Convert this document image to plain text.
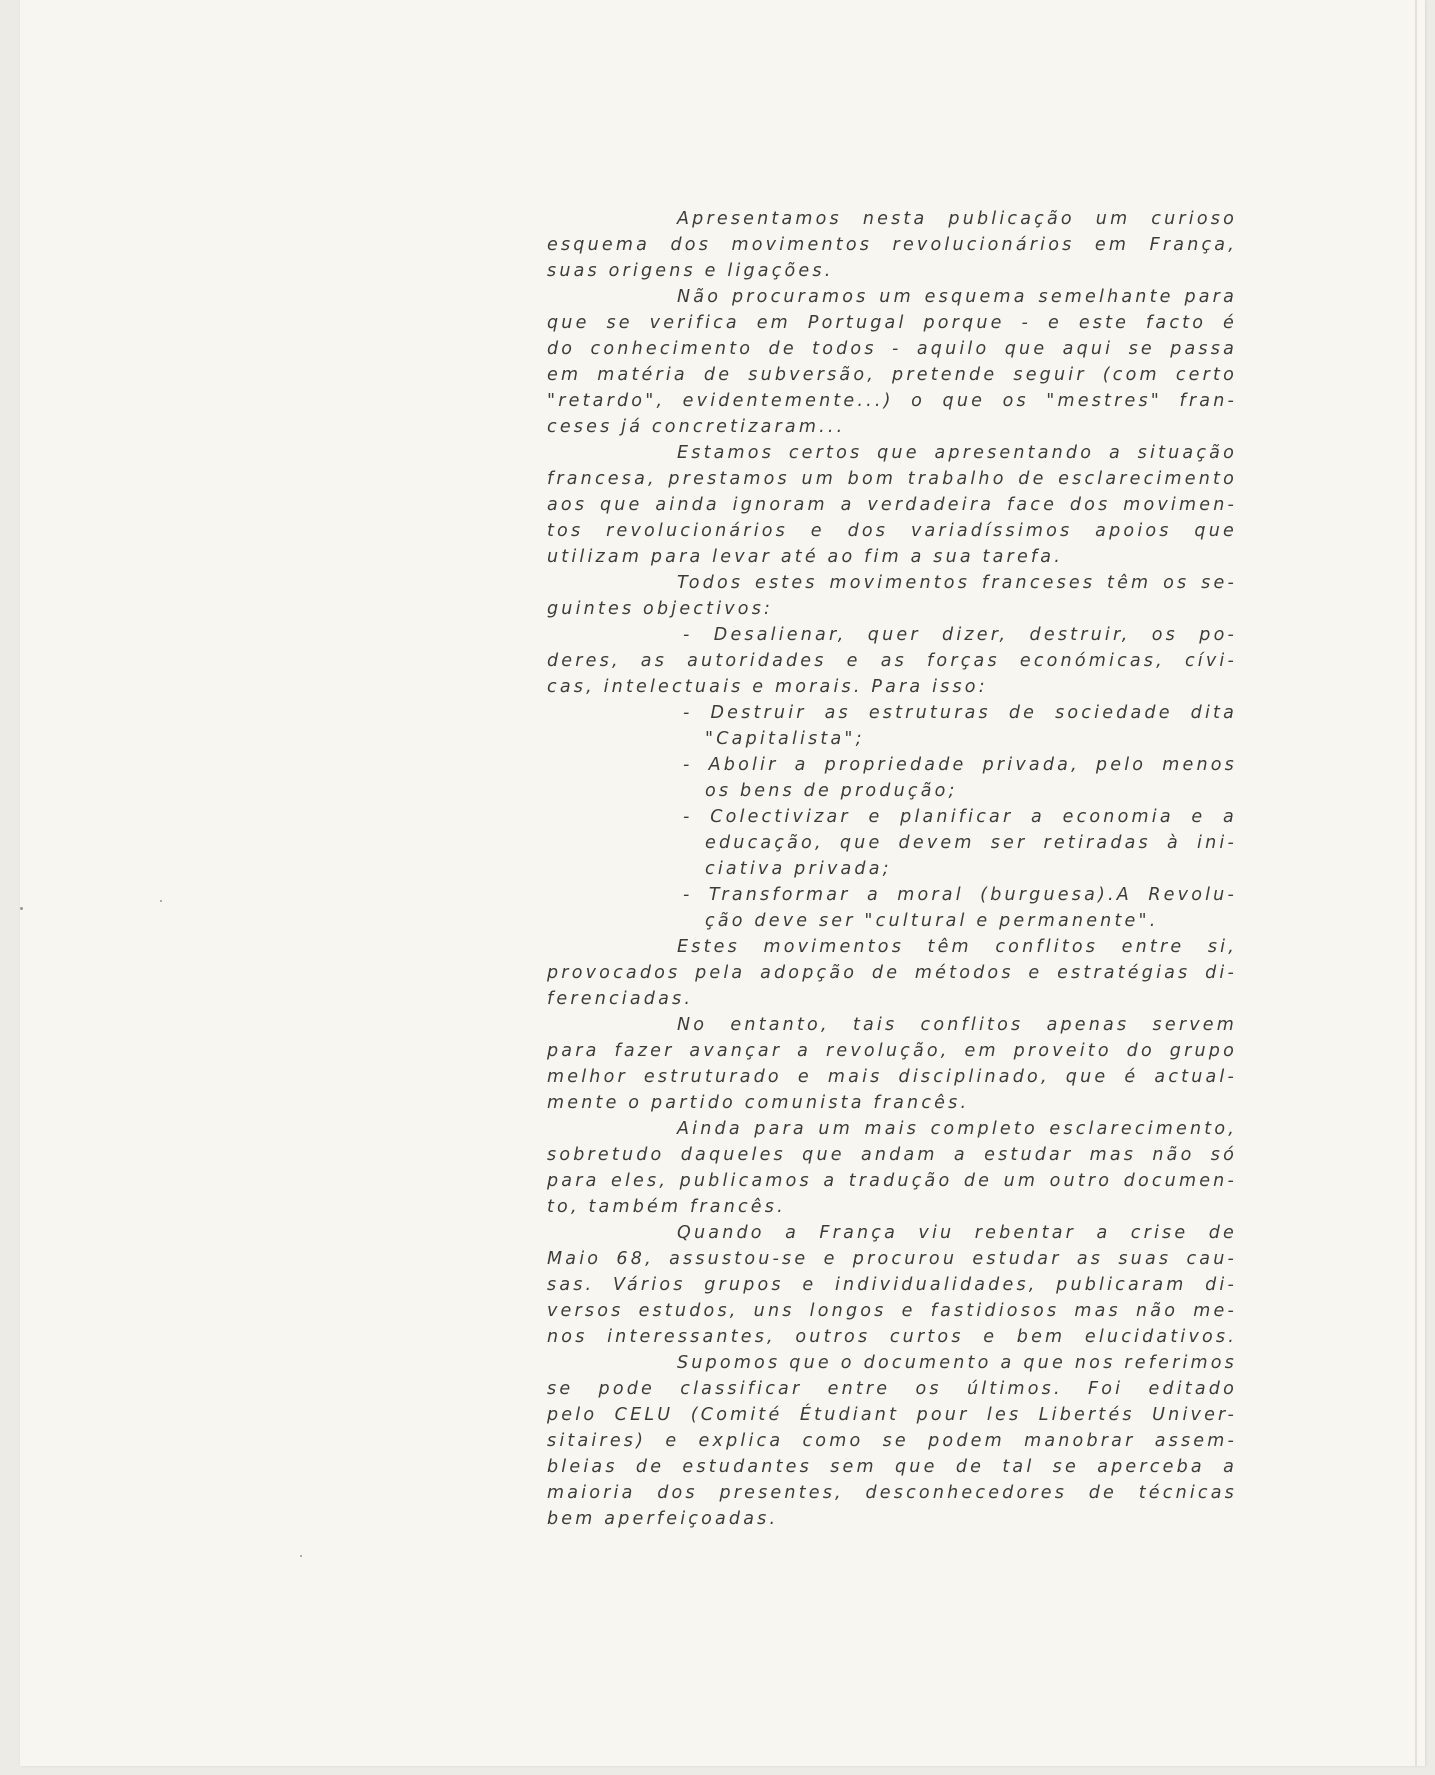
Apresentamos nesta publicação um curioso
esquema dos movimentos revolucionários em França,
suas origens e ligações.
Não procuramos um esquema semelhante para
que se verifica em Portugal porque - e este facto é
do conhecimento de todos - aquilo que aqui se passa
em matéria de subversão, pretende seguir (com certo
"retardo", evidentemente...) o que os "mestres" fran-
ceses já concretizaram...
Estamos certos que apresentando a situação
francesa, prestamos um bom trabalho de esclarecimento
aos que ainda ignoram a verdadeira face dos movimen-
tos revolucionários e dos variadíssimos apoios que
utilizam para levar até ao fim a sua tarefa.
Todos estes movimentos franceses têm os se-
guintes objectivos:
- Desalienar, quer dizer, destruir, os po-
deres, as autoridades e as forças económicas, cívi-
cas, intelectuais e morais. Para isso:
- Destruir as estruturas de sociedade dita
"Capitalista";
- Abolir a propriedade privada, pelo menos
os bens de produção;
- Colectivizar e planificar a economia e a
educação, que devem ser retiradas à ini-
ciativa privada;
- Transformar a moral (burguesa).A Revolu-
ção deve ser "cultural e permanente".
Estes movimentos têm conflitos entre si,
provocados pela adopção de métodos e estratégias di-
ferenciadas.
No entanto, tais conflitos apenas servem
para fazer avançar a revolução, em proveito do grupo
melhor estruturado e mais disciplinado, que é actual-
mente o partido comunista francês.
Ainda para um mais completo esclarecimento,
sobretudo daqueles que andam a estudar mas não só
para eles, publicamos a tradução de um outro documen-
to, também francês.
Quando a França viu rebentar a crise de
Maio 68, assustou-se e procurou estudar as suas cau-
sas. Vários grupos e individualidades, publicaram di-
versos estudos, uns longos e fastidiosos mas não me-
nos interessantes, outros curtos e bem elucidativos.
Supomos que o documento a que nos referimos
se pode classificar entre os últimos. Foi editado
pelo CELU (Comité Étudiant pour les Libertés Univer-
sitaires) e explica como se podem manobrar assem-
bleias de estudantes sem que de tal se aperceba a
maioria dos presentes, desconhecedores de técnicas
bem aperfeiçoadas.
